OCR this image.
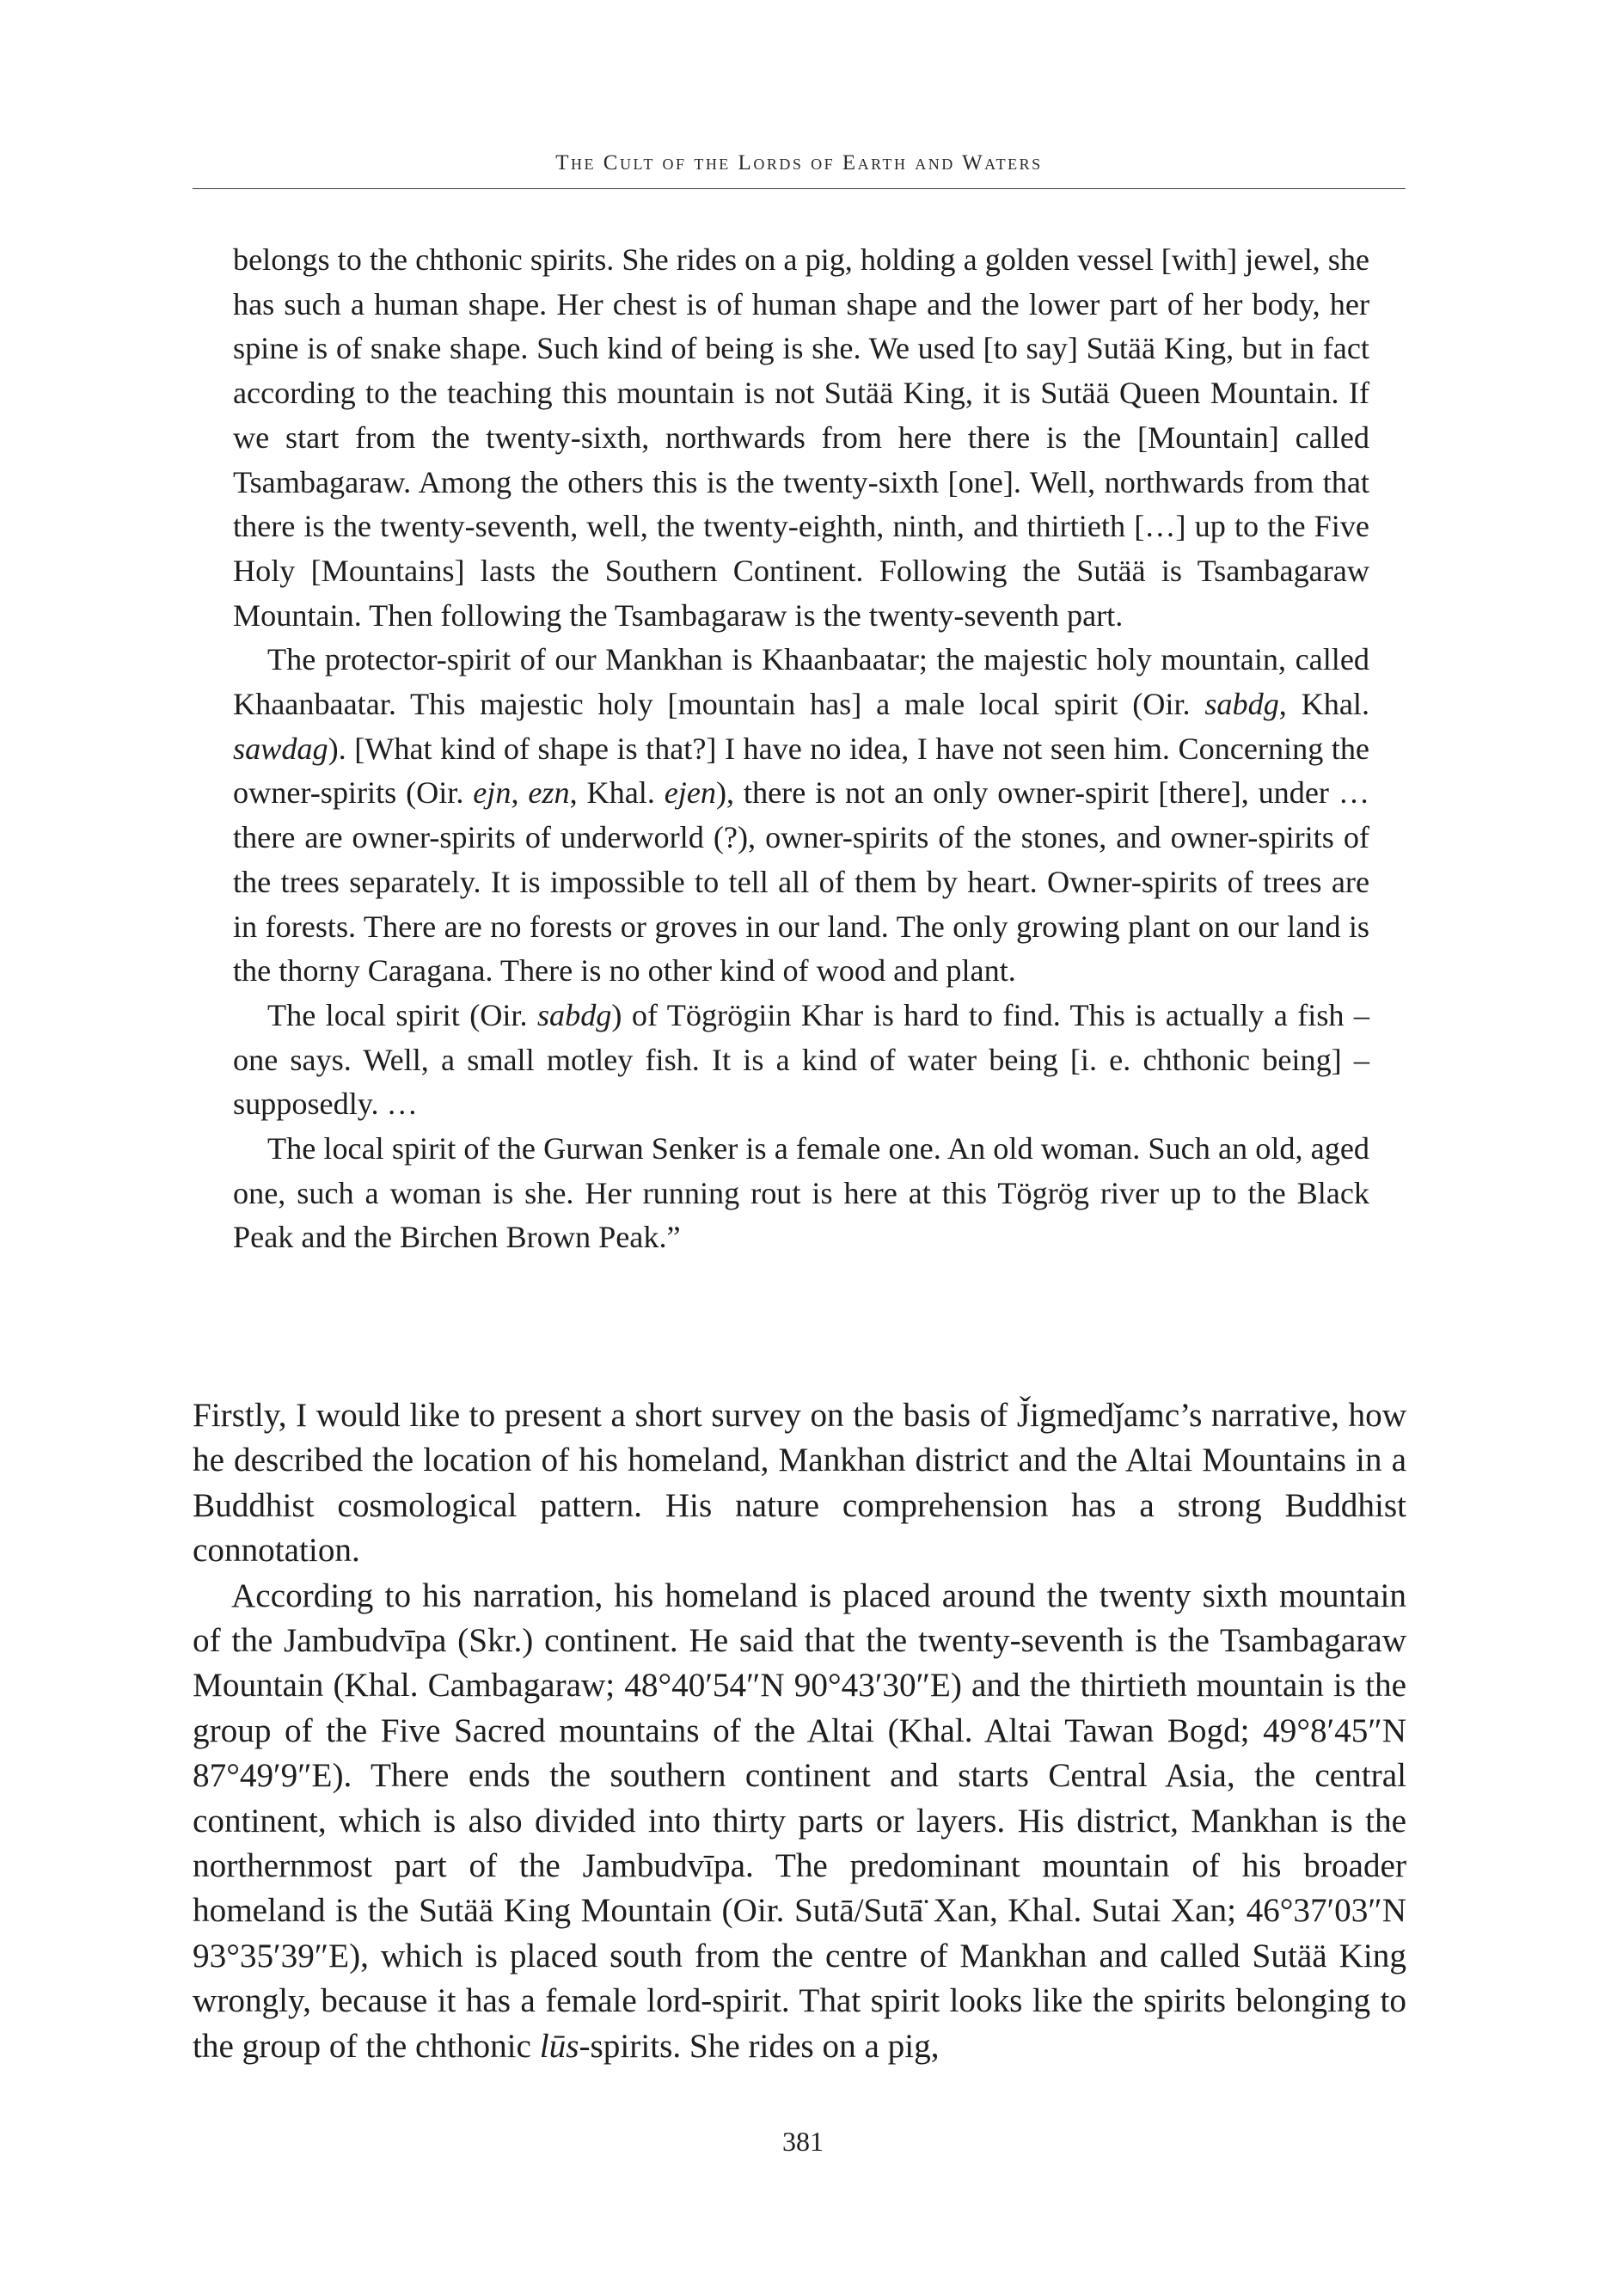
The Cult of the Lords of Earth and Waters

belongs to the chthonic spirits. She rides on a pig, holding a golden vessel [with] jewel, she has such a human shape. Her chest is of human shape and the lower part of her body, her spine is of snake shape. Such kind of being is she. We used [to say] Sutää King, but in fact according to the teaching this mountain is not Sutää King, it is Sutää Queen Mountain. If we start from the twenty-sixth, northwards from here there is the [Mountain] called Tsambagaraw. Among the others this is the twenty-sixth [one]. Well, northwards from that there is the twenty-seventh, well, the twenty-eighth, ninth, and thirtieth […] up to the Five Holy [Mountains] lasts the Southern Continent. Following the Sutää is Tsambagaraw Mountain. Then following the Tsambagaraw is the twenty-seventh part.

The protector-spirit of our Mankhan is Khaanbaatar; the majestic holy mountain, called Khaanbaatar. This majestic holy [mountain has] a male local spirit (Oir. sabdg, Khal. sawdag). [What kind of shape is that?] I have no idea, I have not seen him. Concerning the owner-spirits (Oir. ejn, ezn, Khal. ejen), there is not an only owner-spirit [there], under … there are owner-spirits of underworld (?), owner-spirits of the stones, and owner-spirits of the trees separately. It is impossible to tell all of them by heart. Owner-spirits of trees are in forests. There are no forests or groves in our land. The only growing plant on our land is the thorny Caragana. There is no other kind of wood and plant.

The local spirit (Oir. sabdg) of Tögrögiin Khar is hard to find. This is actually a fish – one says. Well, a small motley fish. It is a kind of water being [i. e. chthonic being] – supposedly. …

The local spirit of the Gurwan Senker is a female one. An old woman. Such an old, aged one, such a woman is she. Her running rout is here at this Tögrög river up to the Black Peak and the Birchen Brown Peak.”

Firstly, I would like to present a short survey on the basis of J̌igmedǰamc’s narrative, how he described the location of his homeland, Mankhan district and the Altai Mountains in a Buddhist cosmological pattern. His nature comprehension has a strong Buddhist connotation.

According to his narration, his homeland is placed around the twenty sixth mountain of the Jambudvīpa (Skr.) continent. He said that the twenty-seventh is the Tsambagaraw Mountain (Khal. Cambagaraw; 48°40′54″N 90°43′30″E) and the thirtieth mountain is the group of the Five Sacred mountains of the Altai (Khal. Altai Tawan Bogd; 49°8′45″N 87°49′9″E). There ends the southern continent and starts Central Asia, the central continent, which is also divided into thirty parts or layers. His district, Mankhan is the northernmost part of the Jambudvīpa. The predominant mountain of his broader homeland is the Sutää King Mountain (Oir. Sutā/Sutā̈ Xan, Khal. Sutai Xan; 46°37′03″N 93°35′39″E), which is placed south from the centre of Mankhan and called Sutää King wrongly, because it has a female lord-spirit. That spirit looks like the spirits belonging to the group of the chthonic lūs-spirits. She rides on a pig,

381
